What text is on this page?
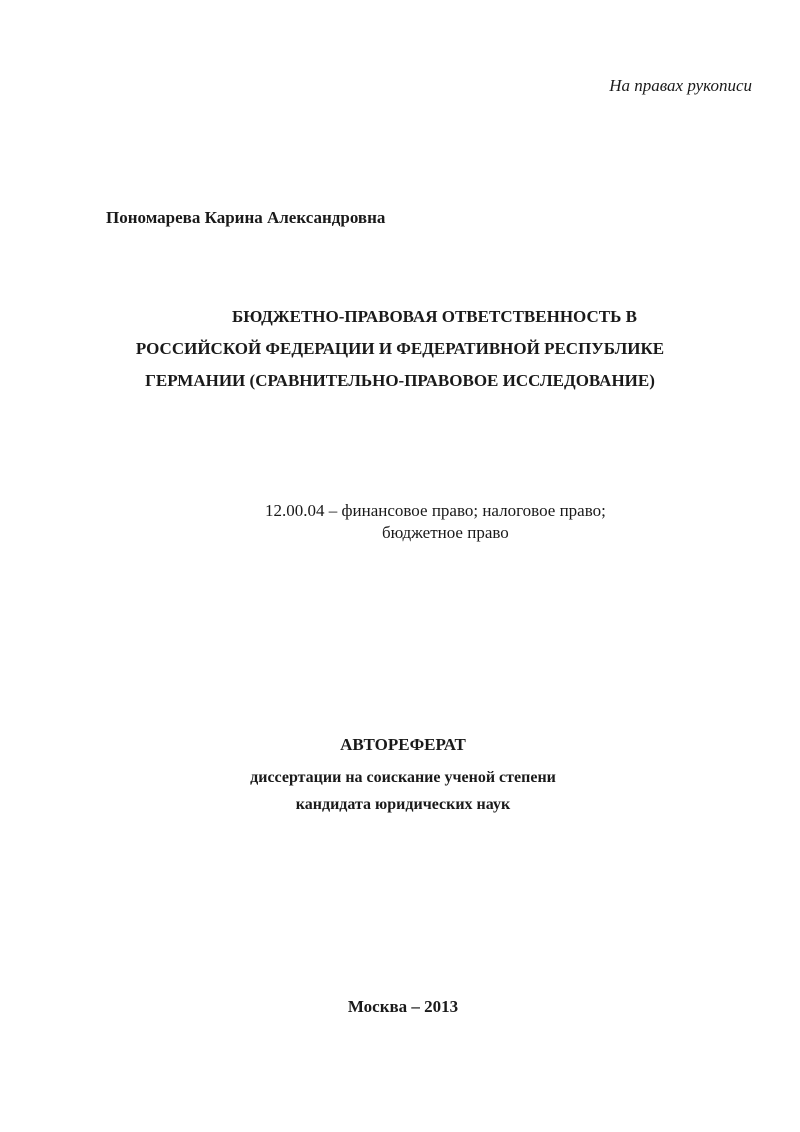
На правах рукописи
Пономарева Карина Александровна
БЮДЖЕТНО-ПРАВОВАЯ ОТВЕТСТВЕННОСТЬ В
РОССИЙСКОЙ ФЕДЕРАЦИИ И ФЕДЕРАТИВНОЙ РЕСПУБЛИКЕ
ГЕРМАНИИ (СРАВНИТЕЛЬНО-ПРАВОВОЕ ИССЛЕДОВАНИЕ)
12.00.04 – финансовое право; налоговое право;
бюджетное право
АВТОРЕФЕРАТ
диссертации на соискание ученой степени
кандидата юридических наук
Москва – 2013
